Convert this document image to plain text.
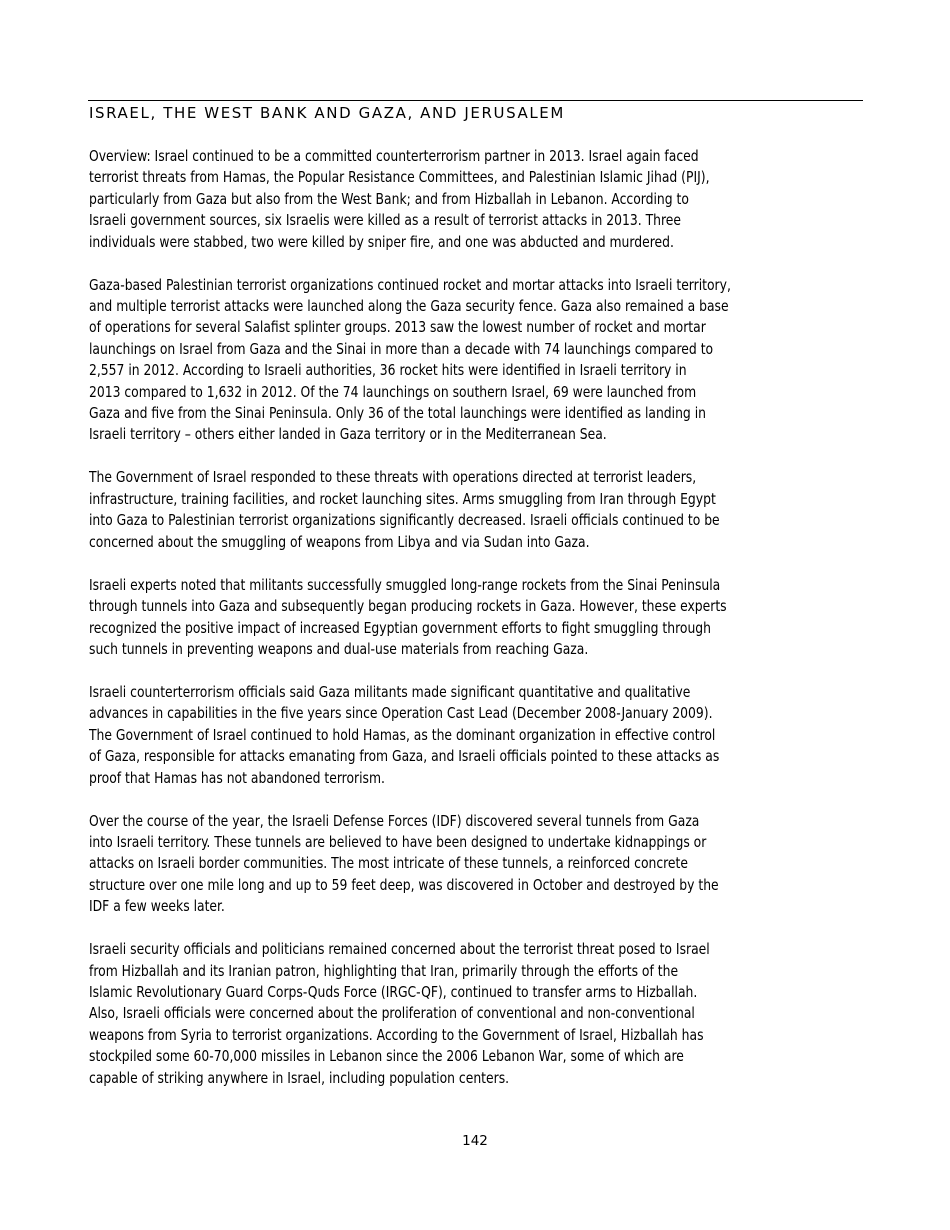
ISRAEL, THE WEST BANK AND GAZA, AND JERUSALEM

Overview: Israel continued to be a committed counterterrorism partner in 2013. Israel again faced
terrorist threats from Hamas, the Popular Resistance Committees, and Palestinian Islamic Jihad (PIJ),
particularly from Gaza but also from the West Bank; and from Hizballah in Lebanon. According to
Israeli government sources, six Israelis were killed as a result of terrorist attacks in 2013. Three
individuals were stabbed, two were killed by sniper fire, and one was abducted and murdered.

Gaza-based Palestinian terrorist organizations continued rocket and mortar attacks into Israeli territory,
and multiple terrorist attacks were launched along the Gaza security fence. Gaza also remained a base
of operations for several Salafist splinter groups. 2013 saw the lowest number of rocket and mortar
launchings on Israel from Gaza and the Sinai in more than a decade with 74 launchings compared to
2,557 in 2012. According to Israeli authorities, 36 rocket hits were identified in Israeli territory in
2013 compared to 1,632 in 2012. Of the 74 launchings on southern Israel, 69 were launched from
Gaza and five from the Sinai Peninsula. Only 36 of the total launchings were identified as landing in
Israeli territory – others either landed in Gaza territory or in the Mediterranean Sea.

The Government of Israel responded to these threats with operations directed at terrorist leaders,
infrastructure, training facilities, and rocket launching sites. Arms smuggling from Iran through Egypt
into Gaza to Palestinian terrorist organizations significantly decreased. Israeli officials continued to be
concerned about the smuggling of weapons from Libya and via Sudan into Gaza.

Israeli experts noted that militants successfully smuggled long-range rockets from the Sinai Peninsula
through tunnels into Gaza and subsequently began producing rockets in Gaza. However, these experts
recognized the positive impact of increased Egyptian government efforts to fight smuggling through
such tunnels in preventing weapons and dual-use materials from reaching Gaza.

Israeli counterterrorism officials said Gaza militants made significant quantitative and qualitative
advances in capabilities in the five years since Operation Cast Lead (December 2008-January 2009).
The Government of Israel continued to hold Hamas, as the dominant organization in effective control
of Gaza, responsible for attacks emanating from Gaza, and Israeli officials pointed to these attacks as
proof that Hamas has not abandoned terrorism.

Over the course of the year, the Israeli Defense Forces (IDF) discovered several tunnels from Gaza
into Israeli territory. These tunnels are believed to have been designed to undertake kidnappings or
attacks on Israeli border communities. The most intricate of these tunnels, a reinforced concrete
structure over one mile long and up to 59 feet deep, was discovered in October and destroyed by the
IDF a few weeks later.

Israeli security officials and politicians remained concerned about the terrorist threat posed to Israel
from Hizballah and its Iranian patron, highlighting that Iran, primarily through the efforts of the
Islamic Revolutionary Guard Corps-Quds Force (IRGC-QF), continued to transfer arms to Hizballah.
Also, Israeli officials were concerned about the proliferation of conventional and non-conventional
weapons from Syria to terrorist organizations. According to the Government of Israel, Hizballah has
stockpiled some 60-70,000 missiles in Lebanon since the 2006 Lebanon War, some of which are
capable of striking anywhere in Israel, including population centers.

142
